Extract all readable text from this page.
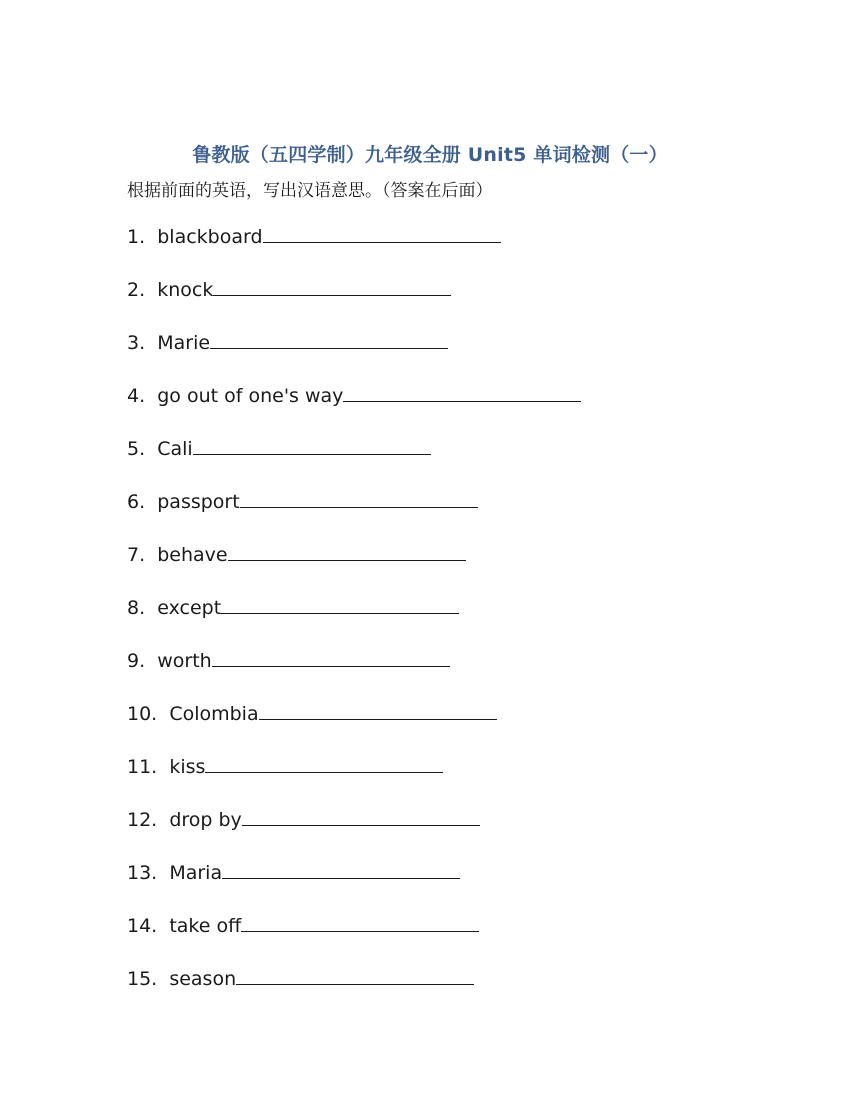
鲁教版（五四学制）九年级全册 Unit5 单词检测（一）
根据前面的英语，写出汉语意思。（答案在后面）
1. blackboard
2. knock
3. Marie
4. go out of one's way
5. Cali
6. passport
7. behave
8. except
9. worth
10. Colombia
11. kiss
12. drop by
13. Maria
14. take off
15. season
